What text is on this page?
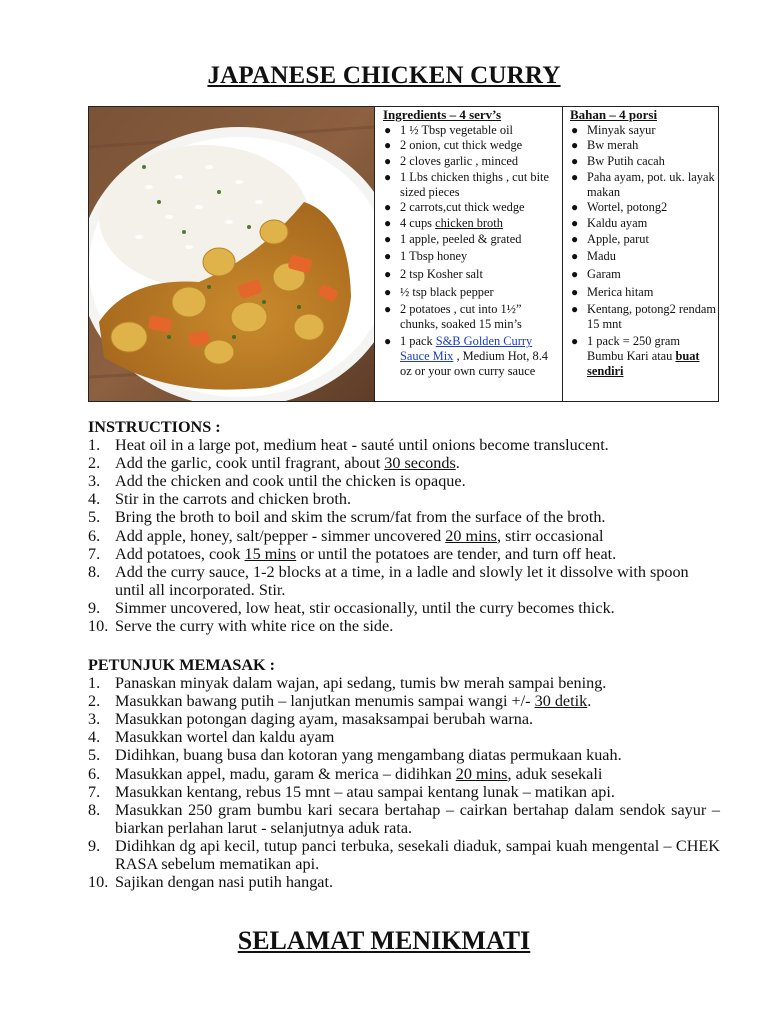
JAPANESE CHICKEN CURRY
Ingredients – 4 serv’s
● 1 ½ Tbsp vegetable oil
● 2 onion, cut thick wedge
● 2 cloves garlic , minced
● 1 Lbs chicken thighs , cut bite sized pieces
● 2 carrots,cut thick wedge
● 4 cups chicken broth
● 1 apple, peeled & grated
● 1 Tbsp honey
● 2 tsp Kosher salt
● ½ tsp black pepper
● 2 potatoes , cut into 1½” chunks, soaked 15 min’s
● 1 pack S&B Golden Curry Sauce Mix , Medium Hot, 8.4 oz or your own curry sauce
Bahan – 4 porsi
● Minyak sayur
● Bw merah
● Bw Putih cacah
● Paha ayam, pot. uk. layak makan
● Wortel, potong2
● Kaldu ayam
● Apple, parut
● Madu
● Garam
● Merica hitam
● Kentang, potong2 rendam 15 mnt
● 1 pack = 250 gram Bumbu Kari atau buat sendiri
INSTRUCTIONS :
1. Heat oil in a large pot, medium heat - sauté until onions become translucent.
2. Add the garlic, cook until fragrant, about 30 seconds.
3. Add the chicken and cook until the chicken is opaque.
4. Stir in the carrots and chicken broth.
5. Bring the broth to boil and skim the scrum/fat from the surface of the broth.
6. Add apple, honey, salt/pepper - simmer uncovered 20 mins, stirr occasional
7. Add potatoes, cook 15 mins or until the potatoes are tender, and turn off heat.
8. Add the curry sauce, 1-2 blocks at a time, in a ladle and slowly let it dissolve with spoon until all incorporated. Stir.
9. Simmer uncovered, low heat, stir occasionally, until the curry becomes thick.
10. Serve the curry with white rice on the side.
PETUNJUK MEMASAK :
1. Panaskan minyak dalam wajan, api sedang, tumis bw merah sampai bening.
2. Masukkan bawang putih – lanjutkan menumis sampai wangi +/- 30 detik.
3. Masukkan potongan daging ayam, masaksampai berubah warna.
4. Masukkan wortel dan kaldu ayam
5. Didihkan, buang busa dan kotoran yang mengambang diatas permukaan kuah.
6. Masukkan appel, madu, garam & merica – didihkan 20 mins, aduk sesekali
7. Masukkan kentang, rebus 15 mnt – atau sampai kentang lunak – matikan api.
8. Masukkan 250 gram bumbu kari secara bertahap – cairkan bertahap dalam sendok sayur – biarkan perlahan larut - selanjutnya aduk rata.
9. Didihkan dg api kecil, tutup panci terbuka, sesekali diaduk, sampai kuah mengental – CHEK RASA sebelum mematikan api.
10. Sajikan dengan nasi putih hangat.
SELAMAT MENIKMATI
